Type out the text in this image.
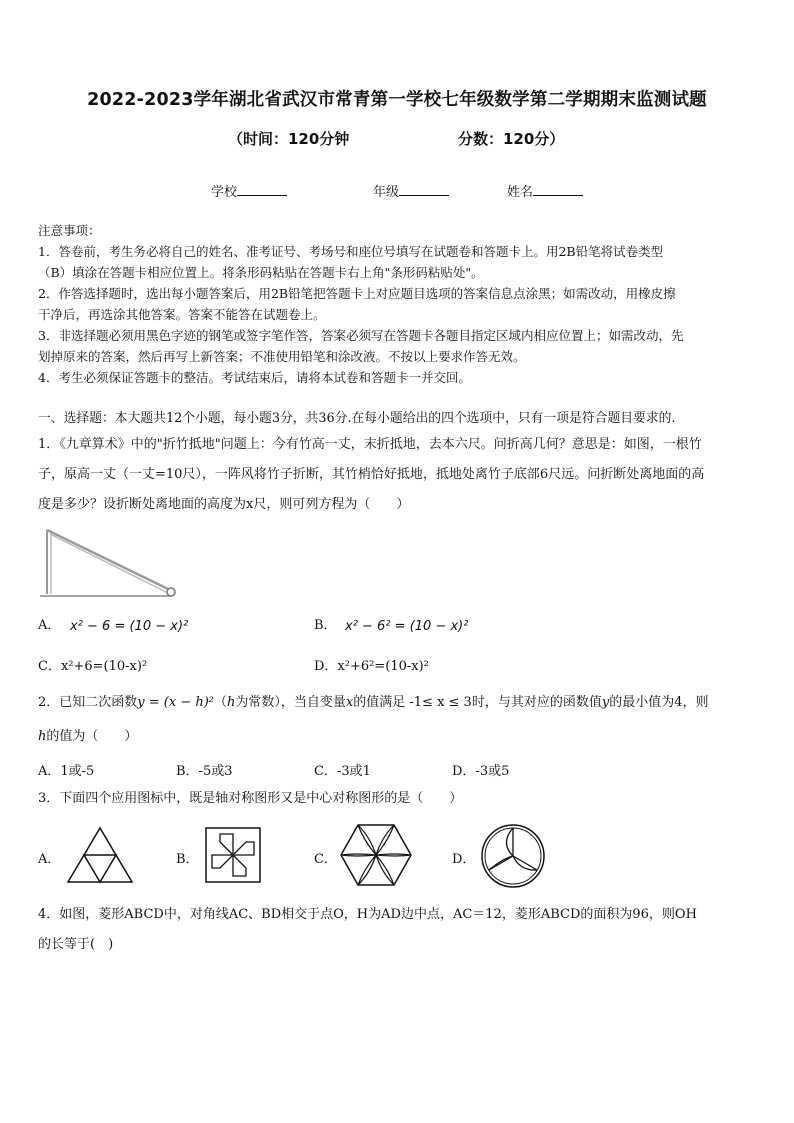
2022-2023学年湖北省武汉市常青第一学校七年级数学第二学期期末监测试题
（时间：120分钟	分数：120分）
学校	年级	姓名
注意事项：
1．答卷前，考生务必将自己的姓名、准考证号、考场号和座位号填写在试题卷和答题卡上。用2B铅笔将试卷类型
（B）填涂在答题卡相应位置上。将条形码粘贴在答题卡右上角"条形码粘贴处"。
2．作答选择题时，选出每小题答案后，用2B铅笔把答题卡上对应题目选项的答案信息点涂黑；如需改动，用橡皮擦
干净后，再选涂其他答案。答案不能答在试题卷上。
3．非选择题必须用黑色字迹的钢笔或签字笔作答，答案必须写在答题卡各题目指定区域内相应位置上；如需改动，先
划掉原来的答案，然后再写上新答案；不准使用铅笔和涂改液。不按以上要求作答无效。
4．考生必须保证答题卡的整洁。考试结束后，请将本试卷和答题卡一并交回。
一、选择题：本大题共12个小题，每小题3分，共36分.在每小题给出的四个选项中，只有一项是符合题目要求的.
1．《九章算术》中的"折竹抵地"问题上：今有竹高一丈，末折抵地，去本六尺。问折高几何？意思是：如图，一根竹
子，原高一丈（一丈=10尺），一阵风将竹子折断，其竹梢恰好抵地，抵地处离竹子底部6尺远。问折断处离地面的高
度是多少？设折断处离地面的高度为x尺，则可列方程为（　　）
A． x² − 6 = (10 − x)²	B． x² − 6² = (10 − x)²
C．x²+6=(10-x)²	D．x²+6²=(10-x)²
2．已知二次函数y = (x − h)²（h为常数），当自变量x的值满足 -1≤ x ≤ 3时，与其对应的函数值y的最小值为4，则
h的值为（　　）
A．1或-5	B．-5或3	C．-3或1	D．-3或5
3．下面四个应用图标中，既是轴对称图形又是中心对称图形的是（　　）
A．	B．	C．	D．
4．如图，菱形ABCD中，对角线AC、BD相交于点O，H为AD边中点，AC＝12，菱形ABCD的面积为96，则OH
的长等于(　)
